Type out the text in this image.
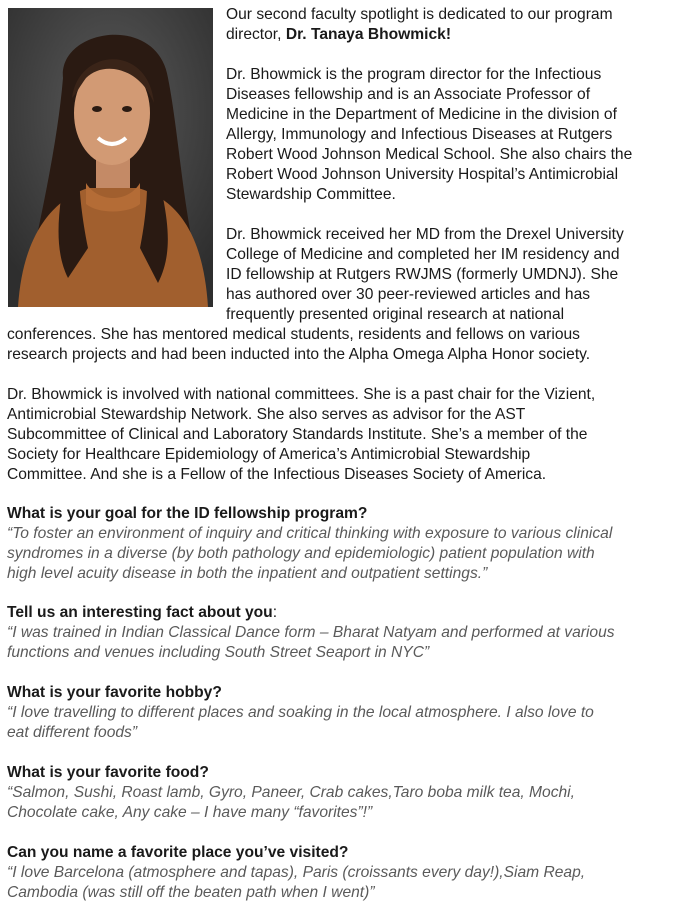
Our second faculty spotlight is dedicated to our program

director, Dr. Tanaya Bhowmick!

Dr. Bhowmick is the program director for the Infectious

Diseases fellowship and is an Associate Professor of

Medicine in the Department of Medicine in the division of

Allergy, Immunology and Infectious Diseases at Rutgers

Robert Wood Johnson Medical School. She also chairs the

Robert Wood Johnson University Hospital’s Antimicrobial

Stewardship Committee.

Dr. Bhowmick received her MD from the Drexel University

College of Medicine and completed her IM residency and

ID fellowship at Rutgers RWJMS (formerly UMDNJ). She

has authored over 30 peer-reviewed articles and has

frequently presented original research at national

conferences. She has mentored medical students, residents and fellows on various

research projects and had been inducted into the Alpha Omega Alpha Honor society.

Dr. Bhowmick is involved with national committees. She is a past chair for the Vizient,

Antimicrobial Stewardship Network. She also serves as advisor for the AST

Subcommittee of Clinical and Laboratory Standards Institute. She’s a member of the

Society for Healthcare Epidemiology of America’s Antimicrobial Stewardship

Committee. And she is a Fellow of the Infectious Diseases Society of America.

What is your goal for the ID fellowship program?

“To foster an environment of inquiry and critical thinking with exposure to various clinical

syndromes in a diverse (by both pathology and epidemiologic) patient population with

high level acuity disease in both the inpatient and outpatient settings.”

Tell us an interesting fact about you:

“I was trained in Indian Classical Dance form – Bharat Natyam and performed at various

functions and venues including South Street Seaport in NYC”

What is your favorite hobby?

“I love travelling to different places and soaking in the local atmosphere. I also love to

eat different foods”

What is your favorite food?

“Salmon, Sushi, Roast lamb, Gyro, Paneer, Crab cakes,Taro boba milk tea, Mochi,

Chocolate cake, Any cake – I have many “favorites”!”

Can you name a favorite place you’ve visited?

“I love Barcelona (atmosphere and tapas), Paris (croissants every day!),Siam Reap,

Cambodia (was still off the beaten path when I went)”
